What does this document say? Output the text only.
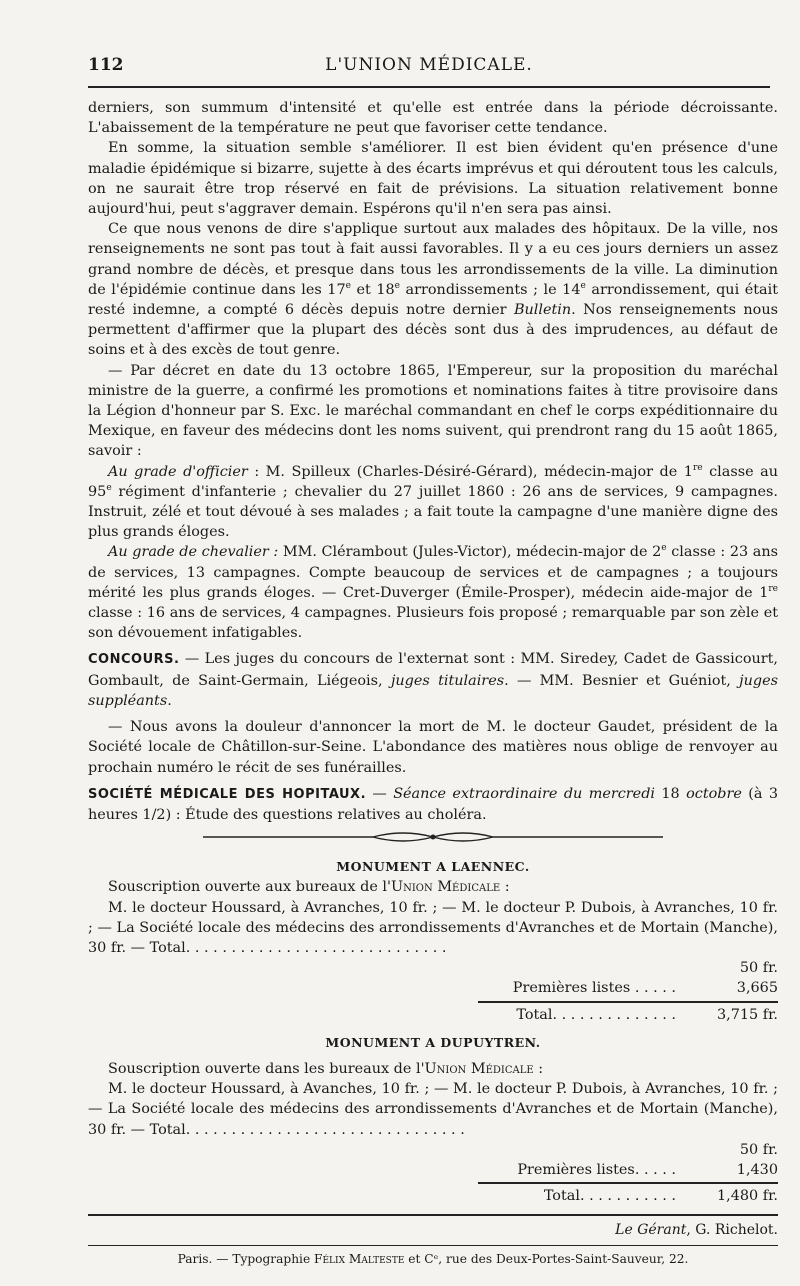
112	L'UNION MÉDICALE.

derniers, son summum d'intensité et qu'elle est entrée dans la période décroissante. L'abaissement de la température ne peut que favoriser cette tendance.

En somme, la situation semble s'améliorer. Il est bien évident qu'en présence d'une maladie épidémique si bizarre, sujette à des écarts imprévus et qui déroutent tous les calculs, on ne saurait être trop réservé en fait de prévisions. La situation relativement bonne aujourd'hui, peut s'aggraver demain. Espérons qu'il n'en sera pas ainsi.

Ce que nous venons de dire s'applique surtout aux malades des hôpitaux. De la ville, nos renseignements ne sont pas tout à fait aussi favorables. Il y a eu ces jours derniers un assez grand nombre de décès, et presque dans tous les arrondissements de la ville. La diminution de l'épidémie continue dans les 17e et 18e arrondissements ; le 14e arrondissement, qui était resté indemne, a compté 6 décès depuis notre dernier Bulletin. Nos renseignements nous permettent d'affirmer que la plupart des décès sont dus à des imprudences, au défaut de soins et à des excès de tout genre.

— Par décret en date du 13 octobre 1865, l'Empereur, sur la proposition du maréchal ministre de la guerre, a confirmé les promotions et nominations faites à titre provisoire dans la Légion d'honneur par S. Exc. le maréchal commandant en chef le corps expéditionnaire du Mexique, en faveur des médecins dont les noms suivent, qui prendront rang du 15 août 1865, savoir :

Au grade d'officier : M. Spilleux (Charles-Désiré-Gérard), médecin-major de 1re classe au 95e régiment d'infanterie ; chevalier du 27 juillet 1860 : 26 ans de services, 9 campagnes. Instruit, zélé et tout dévoué à ses malades ; a fait toute la campagne d'une manière digne des plus grands éloges.

Au grade de chevalier : MM. Clérambout (Jules-Victor), médecin-major de 2e classe : 23 ans de services, 13 campagnes. Compte beaucoup de services et de campagnes ; a toujours mérité les plus grands éloges. — Cret-Duverger (Émile-Prosper), médecin aide-major de 1re classe : 16 ans de services, 4 campagnes. Plusieurs fois proposé ; remarquable par son zèle et son dévouement infatigables.

CONCOURS. — Les juges du concours de l'externat sont : MM. Siredey, Cadet de Gassicourt, Gombault, de Saint-Germain, Liégeois, juges titulaires. — MM. Besnier et Guéniot, juges suppléants.

— Nous avons la douleur d'annoncer la mort de M. le docteur Gaudet, président de la Société locale de Châtillon-sur-Seine. L'abondance des matières nous oblige de renvoyer au prochain numéro le récit de ses funérailles.

SOCIÉTÉ MÉDICALE DES HOPITAUX. — Séance extraordinaire du mercredi 18 octobre (à 3 heures 1/2) : Étude des questions relatives au choléra.

MONUMENT A LAENNEC.

Souscription ouverte aux bureaux de l'Union Médicale :

M. le docteur Houssard, à Avranches, 10 fr. ; — M. le docteur P. Dubois, à Avranches, 10 fr. ; — La Société locale des médecins des arrondissements d'Avranches et de Mortain (Manche), 30 fr. — Total. . . . . . . . . . . . . . . . . . . . . . . . . . . . .

50 fr.
Premières listes . . . . .	3,665
Total. . . . . . . . . . . . . .	3,715 fr.

MONUMENT A DUPUYTREN.

Souscription ouverte dans les bureaux de l'Union Médicale :

M. le docteur Houssard, à Avanches, 10 fr. ; — M. le docteur P. Dubois, à Avranches, 10 fr. ; — La Société locale des médecins des arrondissements d'Avranches et de Mortain (Manche), 30 fr. — Total. . . . . . . . . . . . . . . . . . . . . . . . . . . . . . .

50 fr.
Premières listes. . . . .	1,430
Total. . . . . . . . . . .	1,480 fr.

Le Gérant, G. Richelot.

Paris. — Typographie Félix Malteste et Cᵉ, rue des Deux-Portes-Saint-Sauveur, 22.
